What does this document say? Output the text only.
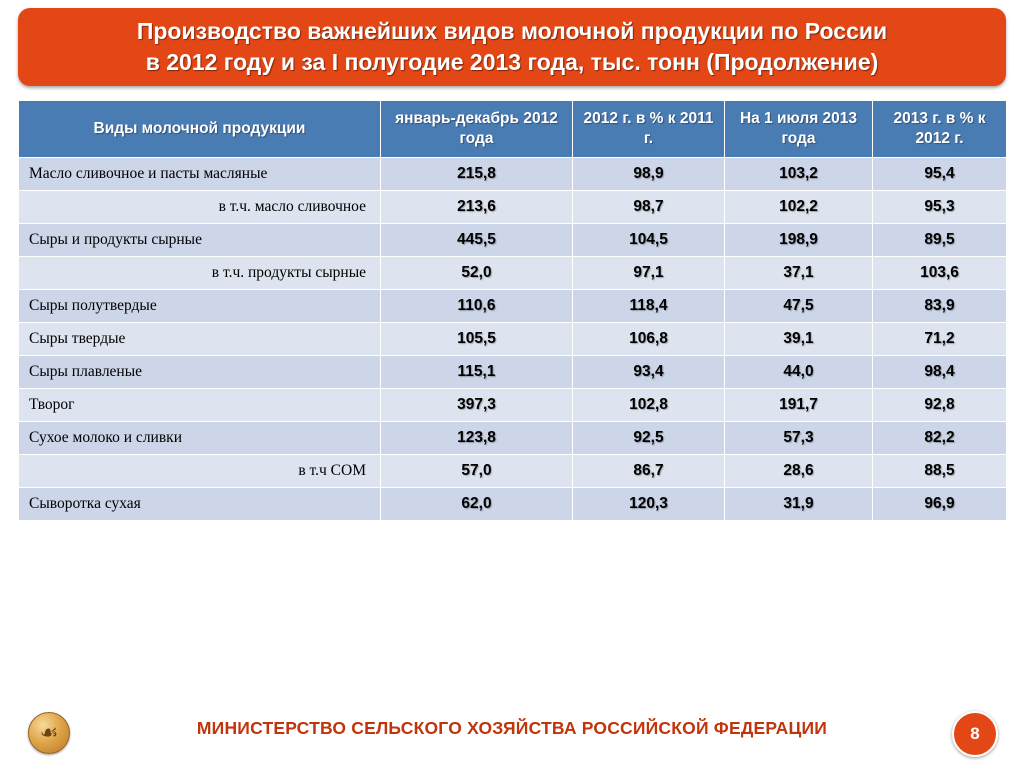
Производство важнейших видов молочной продукции по России
в 2012 году и за I полугодие 2013 года, тыс. тонн (Продолжение)
Виды молочной продукции	январь-декабрь 2012 года	2012 г. в % к 2011 г.	На 1 июля 2013 года	2013 г. в % к 2012 г.
Масло сливочное и пасты масляные	215,8	98,9	103,2	95,4
в т.ч. масло сливочное	213,6	98,7	102,2	95,3
Сыры и продукты сырные	445,5	104,5	198,9	89,5
в т.ч. продукты сырные	52,0	97,1	37,1	103,6
Сыры полутвердые	110,6	118,4	47,5	83,9
Сыры твердые	105,5	106,8	39,1	71,2
Сыры плавленые	115,1	93,4	44,0	98,4
Творог	397,3	102,8	191,7	92,8
Сухое молоко и сливки	123,8	92,5	57,3	82,2
в т.ч СОМ	57,0	86,7	28,6	88,5
Сыворотка сухая	62,0	120,3	31,9	96,9
☙	МИНИСТЕРСТВО СЕЛЬСКОГО ХОЗЯЙСТВА РОССИЙСКОЙ ФЕДЕРАЦИИ	8
